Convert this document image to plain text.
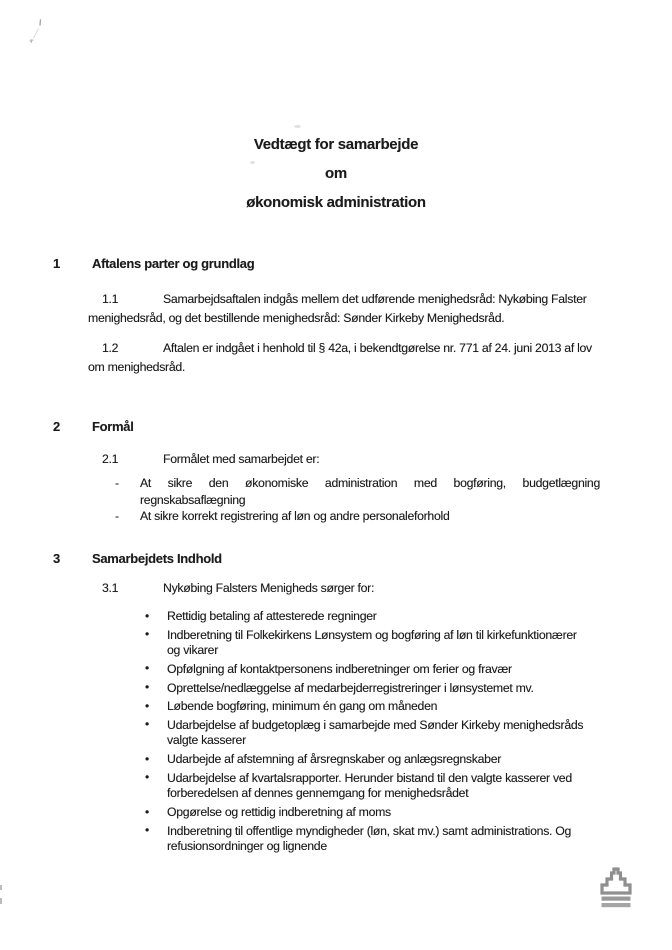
Vedtægt for samarbejde
om
økonomisk administration
1 Aftalens parter og grundlag
1.1	Samarbejdsaftalen indgås mellem det udførende menighedsråd: Nykøbing Falster menighedsråd, og det bestillende menighedsråd: Sønder Kirkeby Menighedsråd.
1.2	Aftalen er indgået i henhold til § 42a, i bekendtgørelse nr. 771 af 24. juni 2013 af lov om menighedsråd.
2 Formål
2.1	Formålet med samarbejdet er:
- At sikre den økonomiske administration med bogføring, budgetlægning regnskabsaflægning
- At sikre korrekt registrering af løn og andre personaleforhold
3 Samarbejdets Indhold
3.1	Nykøbing Falsters Menigheds sørger for:
• Rettidig betaling af attesterede regninger
• Indberetning til Folkekirkens Lønsystem og bogføring af løn til kirkefunktionærer og vikarer
• Opfølgning af kontaktpersonens indberetninger om ferier og fravær
• Oprettelse/nedlæggelse af medarbejderregistreringer i lønsystemet mv.
• Løbende bogføring, minimum én gang om måneden
• Udarbejdelse af budgetoplæg i samarbejde med Sønder Kirkeby menighedsråds valgte kasserer
• Udarbejde af afstemning af årsregnskaber og anlægsregnskaber
• Udarbejdelse af kvartalsrapporter. Herunder bistand til den valgte kasserer ved forberedelsen af dennes gennemgang for menighedsrådet
• Opgørelse og rettidig indberetning af moms
• Indberetning til offentlige myndigheder (løn, skat mv.) samt administrations. Og refusionsordninger og lignende
